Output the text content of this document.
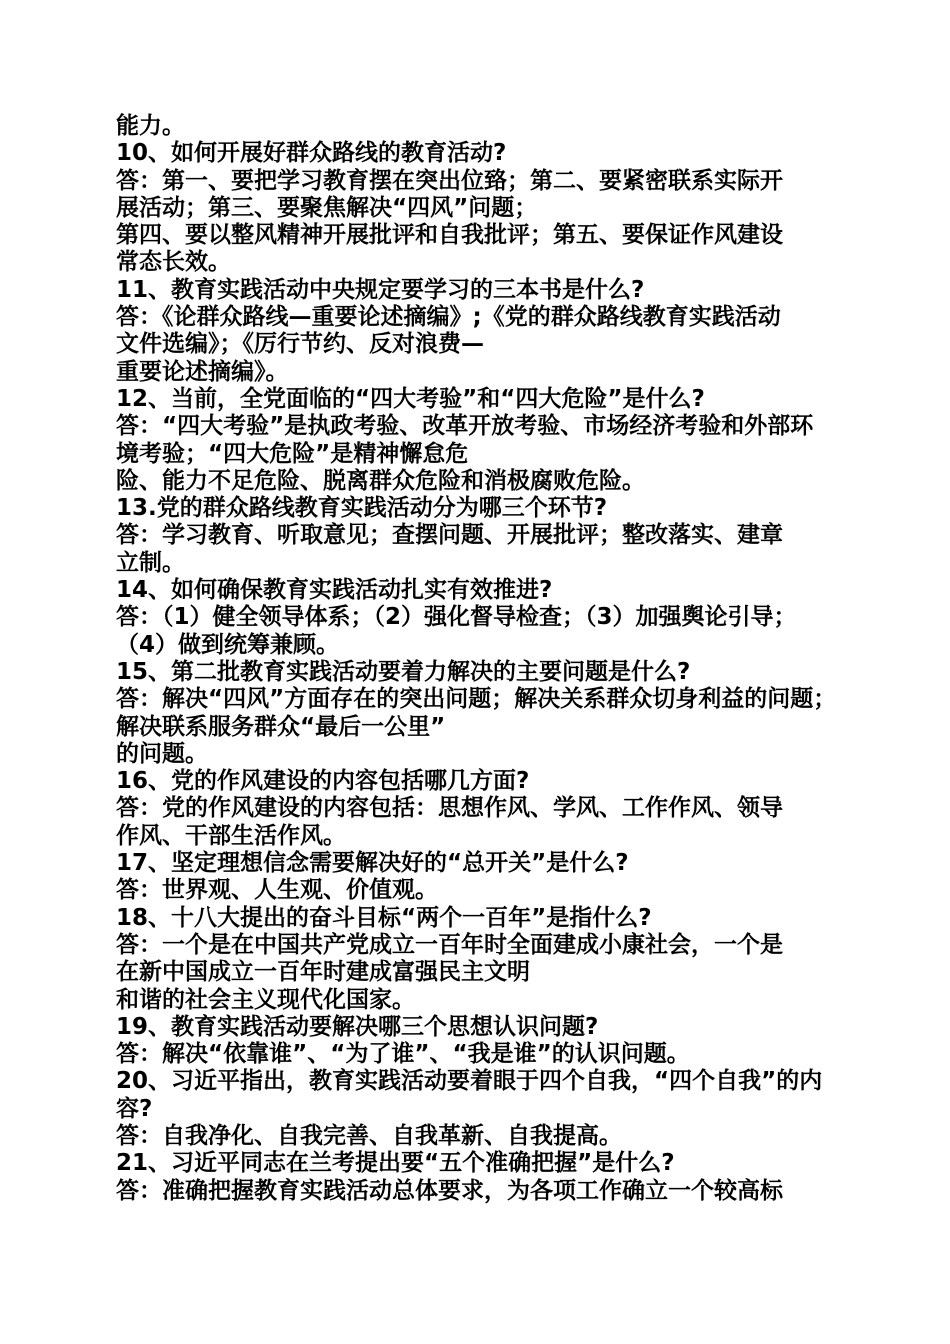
能力。
10、如何开展好群众路线的教育活动?
答：第一、要把学习教育摆在突出位臵；第二、要紧密联系实际开
展活动；第三、要聚焦解决“四风”问题；
第四、要以整风精神开展批评和自我批评；第五、要保证作风建设
常态长效。
11、教育实践活动中央规定要学习的三本书是什么?
答：《论群众路线—重要论述摘编》;《党的群众路线教育实践活动
文件选编》；《厉行节约、反对浪费—
重要论述摘编》。
12、当前，全党面临的“四大考验”和“四大危险”是什么?
答：“四大考验”是执政考验、改革开放考验、市场经济考验和外部环
境考验；“四大危险”是精神懈怠危
险、能力不足危险、脱离群众危险和消极腐败危险。
13.党的群众路线教育实践活动分为哪三个环节?
答：学习教育、听取意见；查摆问题、开展批评；整改落实、建章
立制。
14、如何确保教育实践活动扎实有效推进?
答：（1）健全领导体系；（2）强化督导检查；（3）加强舆论引导；
（4）做到统筹兼顾。
15、第二批教育实践活动要着力解决的主要问题是什么?
答：解决“四风”方面存在的突出问题；解决关系群众切身利益的问题；
解决联系服务群众“最后一公里”
的问题。
16、党的作风建设的内容包括哪几方面?
答：党的作风建设的内容包括：思想作风、学风、工作作风、领导
作风、干部生活作风。
17、坚定理想信念需要解决好的“总开关”是什么?
答：世界观、人生观、价值观。
18、十八大提出的奋斗目标“两个一百年”是指什么?
答：一个是在中国共产党成立一百年时全面建成小康社会，一个是
在新中国成立一百年时建成富强民主文明
和谐的社会主义现代化国家。
19、教育实践活动要解决哪三个思想认识问题?
答：解决“依靠谁”、“为了谁”、“我是谁”的认识问题。
20、习近平指出，教育实践活动要着眼于四个自我，“四个自我”的内
容?
答：自我净化、自我完善、自我革新、自我提高。
21、习近平同志在兰考提出要“五个准确把握”是什么?
答：准确把握教育实践活动总体要求，为各项工作确立一个较高标
